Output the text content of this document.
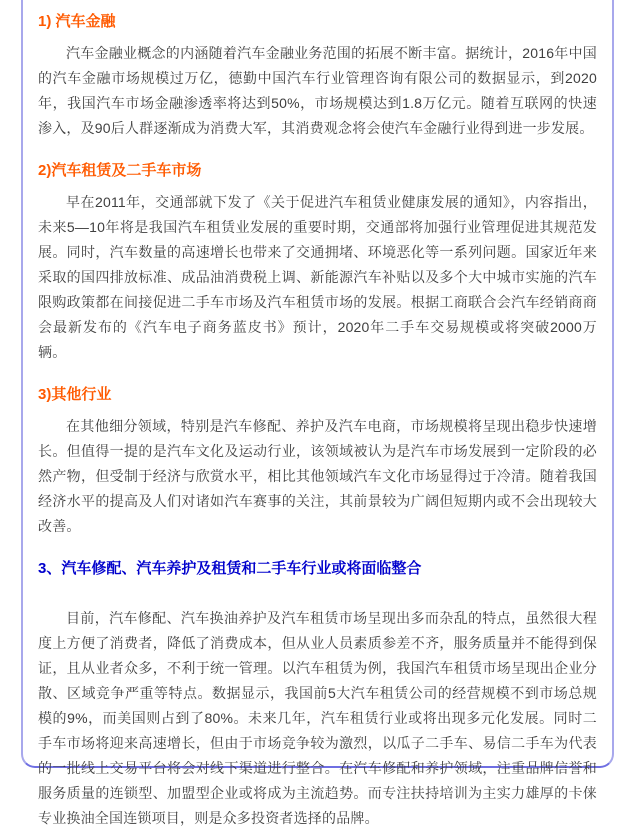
1) 汽车金融

汽车金融业概念的内涵随着汽车金融业务范围的拓展不断丰富。据统计，2016年中国的汽车金融市场规模过万亿，德勤中国汽车行业管理咨询有限公司的数据显示，到2020年，我国汽车市场金融渗透率将达到50%，市场规模达到1.8万亿元。随着互联网的快速渗入，及90后人群逐渐成为消费大军，其消费观念将会使汽车金融行业得到进一步发展。

2)汽车租赁及二手车市场

早在2011年，交通部就下发了《关于促进汽车租赁业健康发展的通知》，内容指出，未来5—10年将是我国汽车租赁业发展的重要时期，交通部将加强行业管理促进其规范发展。同时，汽车数量的高速增长也带来了交通拥堵、环境恶化等一系列问题。国家近年来采取的国四排放标准、成品油消费税上调、新能源汽车补贴以及多个大中城市实施的汽车限购政策都在间接促进二手车市场及汽车租赁市场的发展。根据工商联合会汽车经销商商会最新发布的《汽车电子商务蓝皮书》预计，2020年二手车交易规模或将突破2000万辆。

3)其他行业

在其他细分领域，特别是汽车修配、养护及汽车电商，市场规模将呈现出稳步快速增长。但值得一提的是汽车文化及运动行业，该领域被认为是汽车市场发展到一定阶段的必然产物，但受制于经济与欣赏水平，相比其他领域汽车文化市场显得过于冷清。随着我国经济水平的提高及人们对诸如汽车赛事的关注，其前景较为广阔但短期内或不会出现较大改善。

3、汽车修配、汽车养护及租赁和二手车行业或将面临整合

目前，汽车修配、汽车换油养护及汽车租赁市场呈现出多而杂乱的特点，虽然很大程度上方便了消费者，降低了消费成本，但从业人员素质参差不齐，服务质量并不能得到保证，且从业者众多，不利于统一管理。以汽车租赁为例，我国汽车租赁市场呈现出企业分散、区域竞争严重等特点。数据显示，我国前5大汽车租赁公司的经营规模不到市场总规模的9%，而美国则占到了80%。未来几年，汽车租赁行业或将出现多元化发展。同时二手车市场将迎来高速增长，但由于市场竞争较为激烈，以瓜子二手车、易信二手车为代表的一批线上交易平台将会对线下渠道进行整合。在汽车修配和养护领域，注重品牌信誉和服务质量的连锁型、加盟型企业或将成为主流趋势。而专注扶持培训为主实力雄厚的卡俫专业换油全国连锁项目，则是众多投资者选择的品牌。
